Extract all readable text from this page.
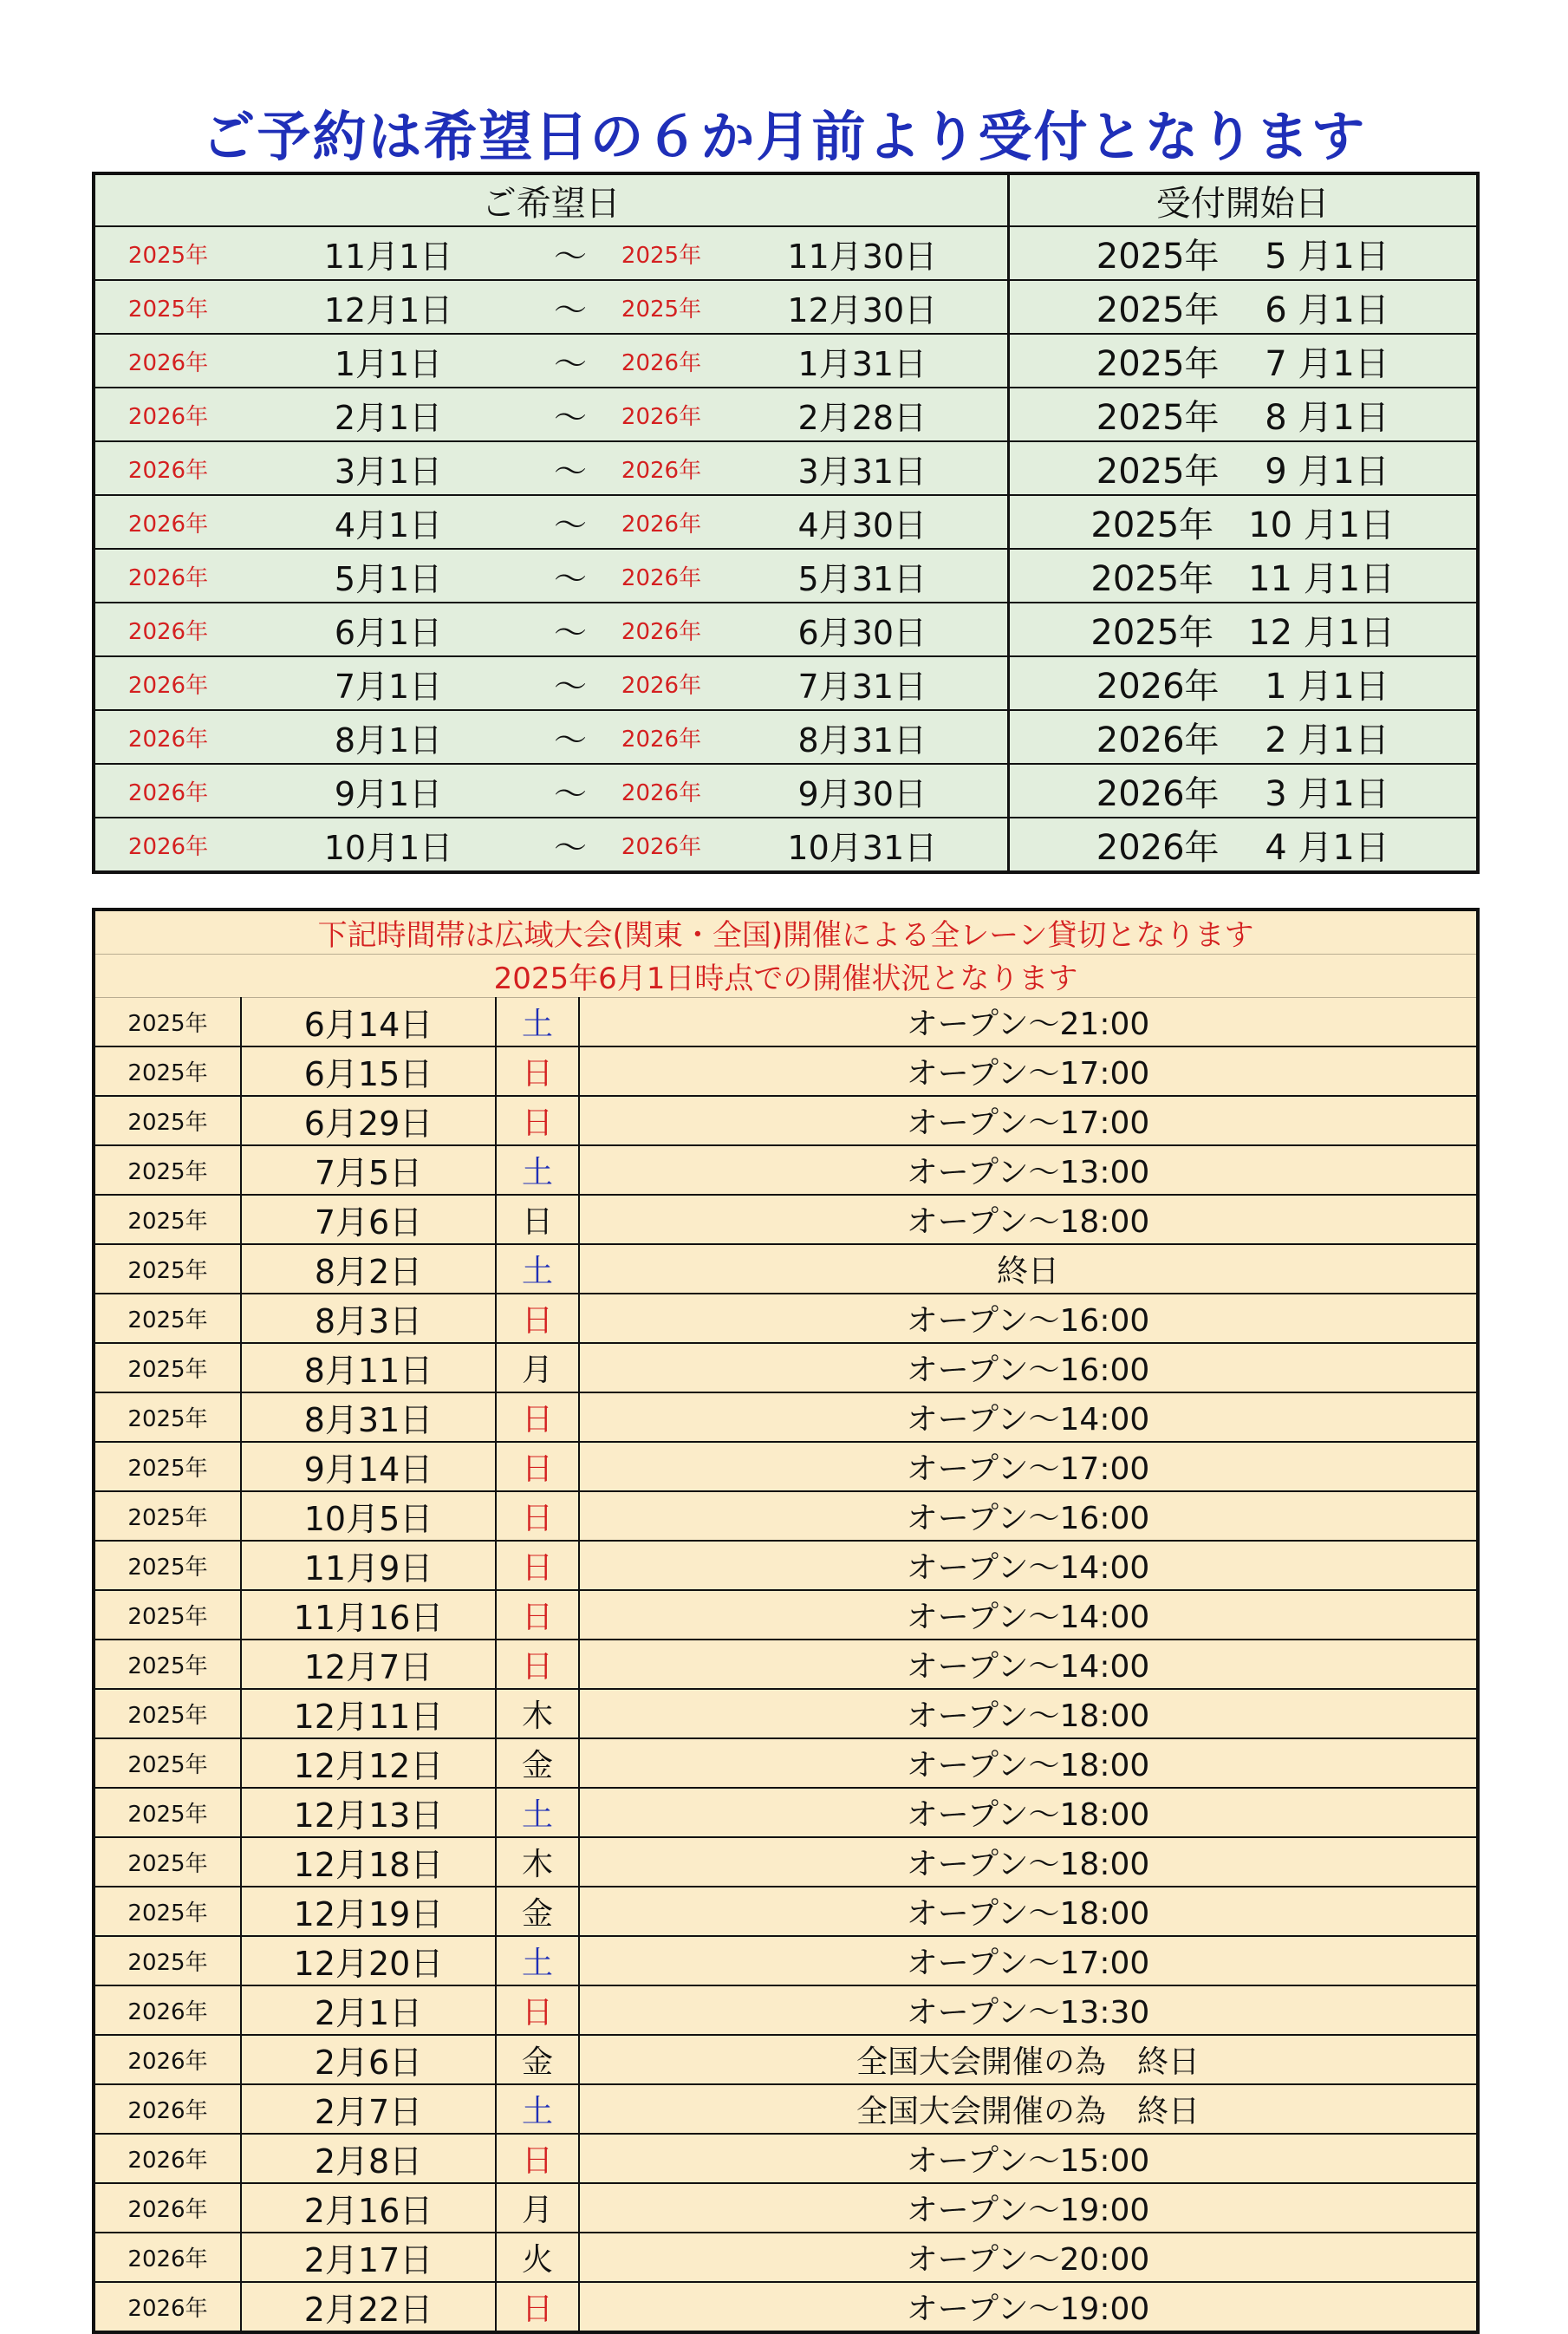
ご予約は希望日の６か月前より受付となります
ご希望日					受付開始日
2025年	11月1日	～	2025年	11月30日	2025年　 5 月1日
2025年	12月1日	～	2025年	12月30日	2025年　 6 月1日
2026年	1月1日	～	2026年	1月31日	2025年　 7 月1日
2026年	2月1日	～	2026年	2月28日	2025年　 8 月1日
2026年	3月1日	～	2026年	3月31日	2025年　 9 月1日
2026年	4月1日	～	2026年	4月30日	2025年　10 月1日
2026年	5月1日	～	2026年	5月31日	2025年　11 月1日
2026年	6月1日	～	2026年	6月30日	2025年　12 月1日
2026年	7月1日	～	2026年	7月31日	2026年　 1 月1日
2026年	8月1日	～	2026年	8月31日	2026年　 2 月1日
2026年	9月1日	～	2026年	9月30日	2026年　 3 月1日
2026年	10月1日	～	2026年	10月31日	2026年　 4 月1日
下記時間帯は広域大会(関東・全国)開催による全レーン貸切となります			
2025年6月1日時点での開催状況となります			
2025年	6月14日	土	オープン～21:00
2025年	6月15日	日	オープン～17:00
2025年	6月29日	日	オープン～17:00
2025年	7月5日	土	オープン～13:00
2025年	7月6日	日	オープン～18:00
2025年	8月2日	土	終日
2025年	8月3日	日	オープン～16:00
2025年	8月11日	月	オープン～16:00
2025年	8月31日	日	オープン～14:00
2025年	9月14日	日	オープン～17:00
2025年	10月5日	日	オープン～16:00
2025年	11月9日	日	オープン～14:00
2025年	11月16日	日	オープン～14:00
2025年	12月7日	日	オープン～14:00
2025年	12月11日	木	オープン～18:00
2025年	12月12日	金	オープン～18:00
2025年	12月13日	土	オープン～18:00
2025年	12月18日	木	オープン～18:00
2025年	12月19日	金	オープン～18:00
2025年	12月20日	土	オープン～17:00
2026年	2月1日	日	オープン～13:30
2026年	2月6日	金	全国大会開催の為　終日
2026年	2月7日	土	全国大会開催の為　終日
2026年	2月8日	日	オープン～15:00
2026年	2月16日	月	オープン～19:00
2026年	2月17日	火	オープン～20:00
2026年	2月22日	日	オープン～19:00
